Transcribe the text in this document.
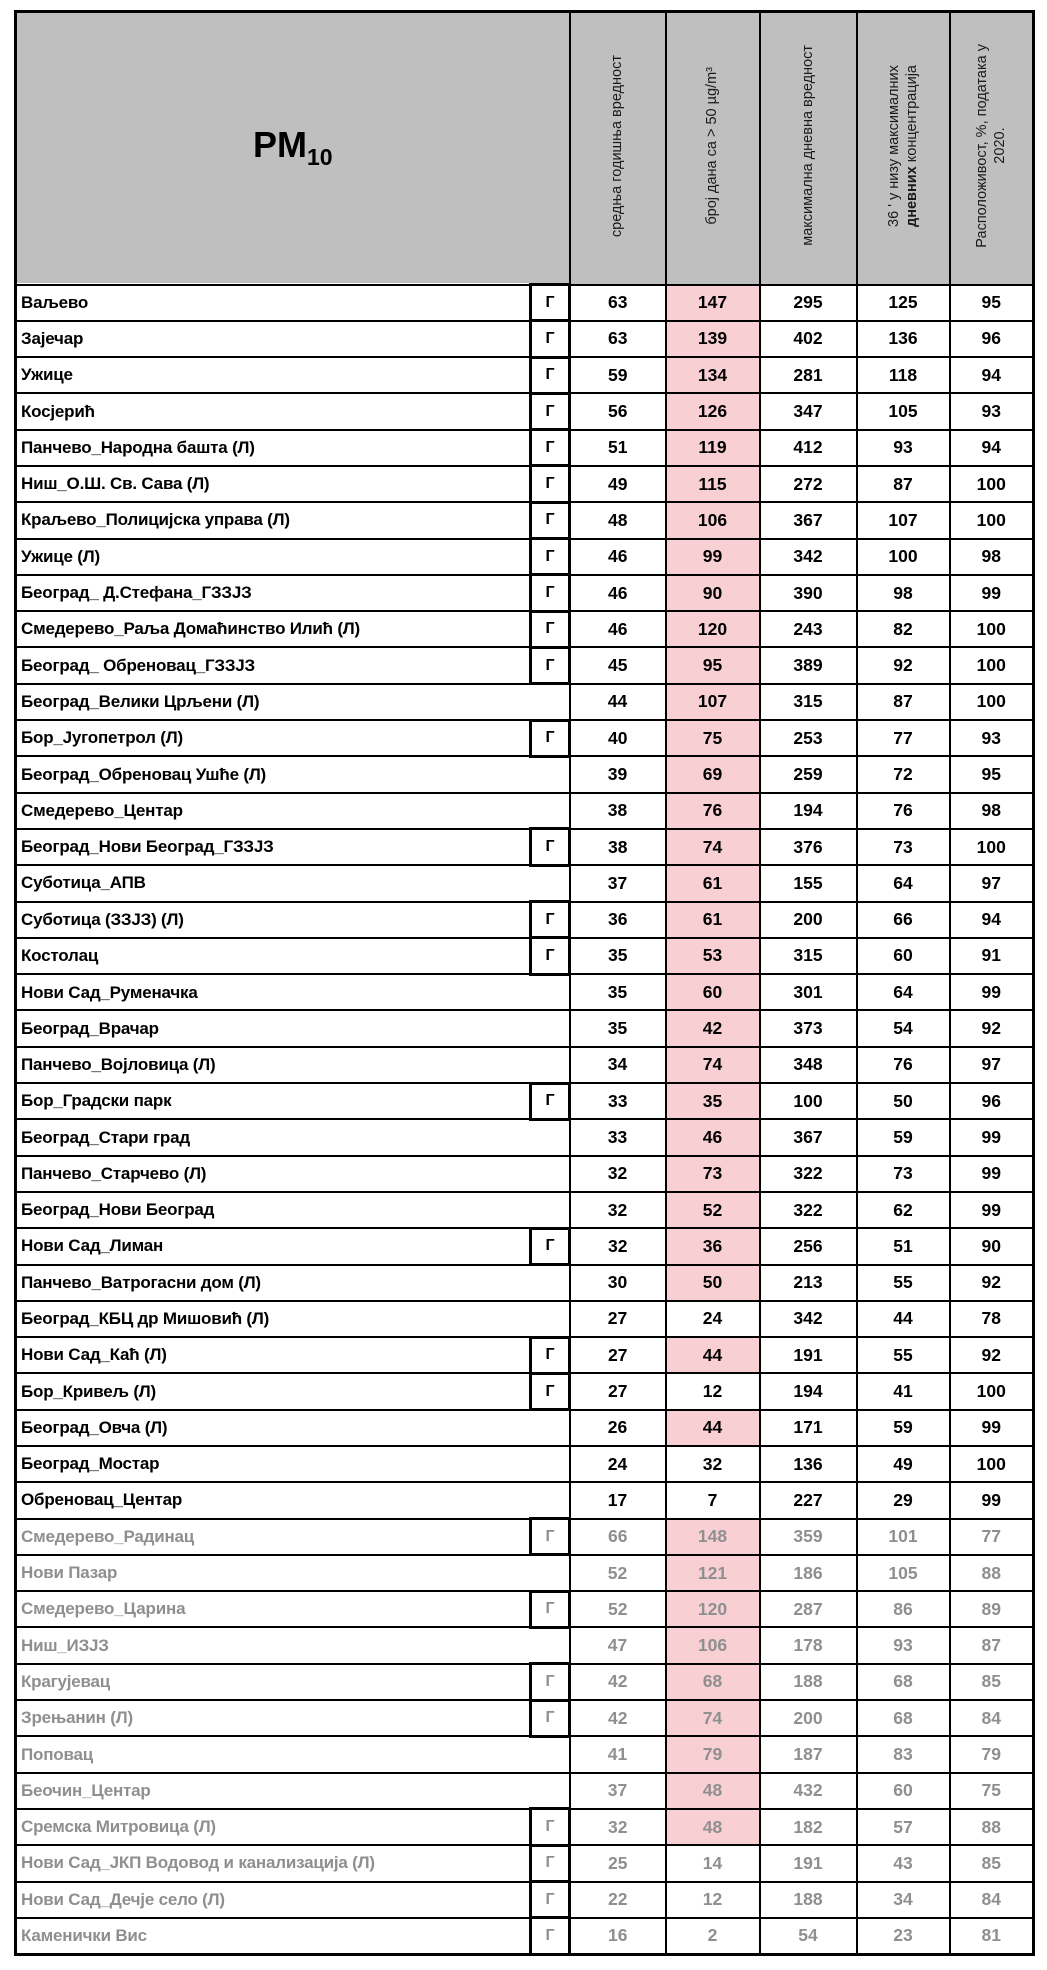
$PM_{10}$		средња годишња вредност	број дана са > 50 µg/m³	максимална дневна вредност	36 ' у низу максималних дневних концентрација	Расположивост, %, података у 2020.

Ваљево	Г	63	147	295	125	95
Зајечар	Г	63	139	402	136	96
Ужице	Г	59	134	281	118	94
Косјерић	Г	56	126	347	105	93
Панчево_Народна башта (Л)	Г	51	119	412	93	94
Ниш_О.Ш. Св. Сава (Л)	Г	49	115	272	87	100
Краљево_Полицијска управа (Л)	Г	48	106	367	107	100
Ужице (Л)	Г	46	99	342	100	98
Београд_ Д.Стефана_ГЗЗЈЗ	Г	46	90	390	98	99
Смедерево_Раља Домаћинство Илић (Л)	Г	46	120	243	82	100
Београд_ Обреновац_ГЗЗЈЗ	Г	45	95	389	92	100
Београд_Велики Црљени (Л)		44	107	315	87	100
Бор_Југопетрол (Л)	Г	40	75	253	77	93
Београд_Обреновац Ушће (Л)		39	69	259	72	95
Смедерево_Центар		38	76	194	76	98
Београд_Нови Београд_ГЗЗЈЗ	Г	38	74	376	73	100
Суботица_АПВ		37	61	155	64	97
Суботица (ЗЗЈЗ) (Л)	Г	36	61	200	66	94
Костолац	Г	35	53	315	60	91
Нови Сад_Руменачка		35	60	301	64	99
Београд_Врачар		35	42	373	54	92
Панчево_Војловица (Л)		34	74	348	76	97
Бор_Градски парк	Г	33	35	100	50	96
Београд_Стари град		33	46	367	59	99
Панчево_Старчево (Л)		32	73	322	73	99
Београд_Нови Београд		32	52	322	62	99
Нови Сад_Лиман	Г	32	36	256	51	90
Панчево_Ватрогасни дом (Л)		30	50	213	55	92
Београд_КБЦ др Мишовић (Л)		27	24	342	44	78
Нови Сад_Каћ (Л)	Г	27	44	191	55	92
Бор_Кривељ (Л)	Г	27	12	194	41	100
Београд_Овча (Л)		26	44	171	59	99
Београд_Мостар		24	32	136	49	100
Обреновац_Центар		17	7	227	29	99
Смедерево_Радинац	Г	66	148	359	101	77
Нови Пазар		52	121	186	105	88
Смедерево_Царина	Г	52	120	287	86	89
Ниш_ИЗЈЗ		47	106	178	93	87
Крагујевац	Г	42	68	188	68	85
Зрењанин (Л)	Г	42	74	200	68	84
Поповац		41	79	187	83	79
Беочин_Центар		37	48	432	60	75
Сремска Митровица (Л)	Г	32	48	182	57	88
Нови Сад_ЈКП Водовод и канализација (Л)	Г	25	14	191	43	85
Нови Сад_Дечје село (Л)	Г	22	12	188	34	84
Каменички Вис	Г	16	2	54	23	81
